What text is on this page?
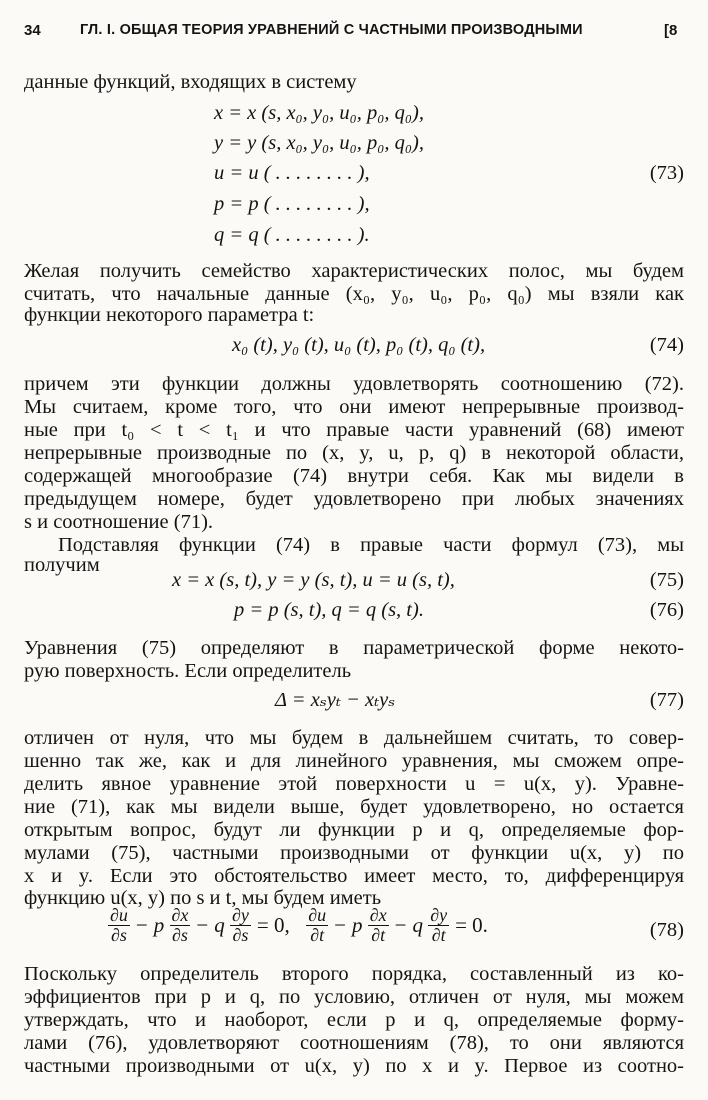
34	ГЛ. I. ОБЩАЯ ТЕОРИЯ УРАВНЕНИЙ С ЧАСТНЫМИ ПРОИЗВОДНЫМИ	[8
данные функций, входящих в систему
x = x (s, x₀, y₀, u₀, p₀, q₀),
y = y (s, x₀, y₀, u₀, p₀, q₀),
u = u ( . . . . . . . . ),	(73)
p = p ( . . . . . . . . ),
q = q ( . . . . . . . . ).
Желая получить семейство характеристических полос, мы будем
считать, что начальные данные (x₀, y₀, u₀, p₀, q₀) мы взяли как
функции некоторого параметра t:
x₀ (t), y₀ (t), u₀ (t), p₀ (t), q₀ (t),	(74)
причем эти функции должны удовлетворять соотношению (72).
Мы считаем, кроме того, что они имеют непрерывные производ-
ные при t₀ < t < t₁ и что правые части уравнений (68) имеют
непрерывные производные по (x, y, u, p, q) в некоторой области,
содержащей многообразие (74) внутри себя. Как мы видели в
предыдущем номере, будет удовлетворено при любых значениях
s и соотношение (71).
Подставляя функции (74) в правые части формул (73), мы
получим
x = x (s, t), y = y (s, t), u = u (s, t),	(75)
p = p (s, t), q = q (s, t).	(76)
Уравнения (75) определяют в параметрической форме некото-
рую поверхность. Если определитель
Δ = xₛyₜ − xₜyₛ	(77)
отличен от нуля, что мы будем в дальнейшем считать, то совер-
шенно так же, как и для линейного уравнения, мы сможем опре-
делить явное уравнение этой поверхности u = u(x, y). Уравне-
ние (71), как мы видели выше, будет удовлетворено, но остается
открытым вопрос, будут ли функции p и q, определяемые фор-
мулами (75), частными производными от функции u(x, y) по
x и y. Если это обстоятельство имеет место, то, дифференцируя
функцию u(x, y) по s и t, мы будем иметь
$\frac{\partial u}{\partial s} - p \frac{\partial x}{\partial s} - q \frac{\partial y}{\partial s} = 0$, $\frac{\partial u}{\partial t} - p \frac{\partial x}{\partial t} - q \frac{\partial y}{\partial t} = 0$.	(78)
Поскольку определитель второго порядка, составленный из ко-
эффициентов при p и q, по условию, отличен от нуля, мы можем
утверждать, что и наоборот, если p и q, определяемые форму-
лами (76), удовлетворяют соотношениям (78), то они являются
частными производными от u(x, y) по x и y. Первое из соотно-
